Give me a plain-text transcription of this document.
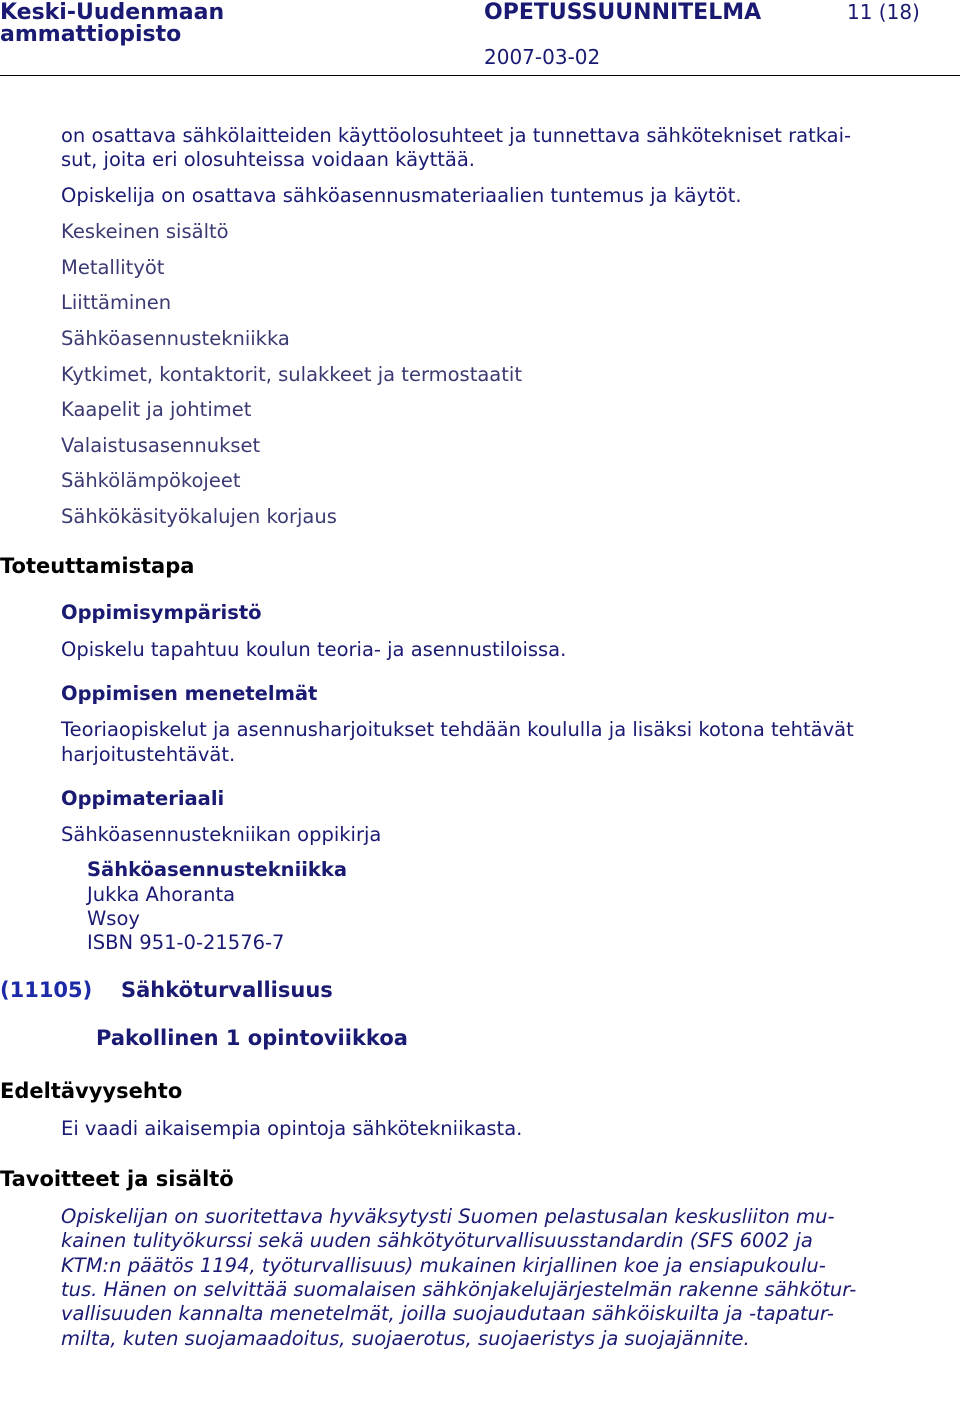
Keski-Uudenmaan
ammattiopisto
OPETUSSUUNNITELMA	11 (18)
2007-03-02
on osattava sähkölaitteiden käyttöolosuhteet ja tunnettava sähkötekniset ratkai-
sut, joita eri olosuhteissa voidaan käyttää.
Opiskelija on osattava sähköasennusmateriaalien tuntemus ja käytöt.
Keskeinen sisältö
Metallityöt
Liittäminen
Sähköasennustekniikka
Kytkimet, kontaktorit, sulakkeet ja termostaatit
Kaapelit ja johtimet
Valaistusasennukset
Sähkölämpökojeet
Sähkökäsityökalujen korjaus
Toteuttamistapa
Oppimisympäristö
Opiskelu tapahtuu koulun teoria- ja asennustiloissa.
Oppimisen menetelmät
Teoriaopiskelut ja asennusharjoitukset tehdään koululla ja lisäksi kotona tehtävät
harjoitustehtävät.
Oppimateriaali
Sähköasennustekniikan oppikirja
Sähköasennustekniikka
Jukka Ahoranta
Wsoy
ISBN 951-0-21576-7
(11105) Sähköturvallisuus
Pakollinen 1 opintoviikkoa
Edeltävyysehto
Ei vaadi aikaisempia opintoja sähkötekniikasta.
Tavoitteet ja sisältö
Opiskelijan on suoritettava hyväksytysti Suomen pelastusalan keskusliiton mu-
kainen tulityökurssi sekä uuden sähkötyöturvallisuusstandardin (SFS 6002 ja
KTM:n päätös 1194, työturvallisuus) mukainen kirjallinen koe ja ensiapukoulu-
tus. Hänen on selvittää suomalaisen sähkönjakelujärjestelmän rakenne sähkötur-
vallisuuden kannalta menetelmät, joilla suojaudutaan sähköiskuilta ja -tapatur-
milta, kuten suojamaadoitus, suojaerotus, suojaeristys ja suojajännite.
